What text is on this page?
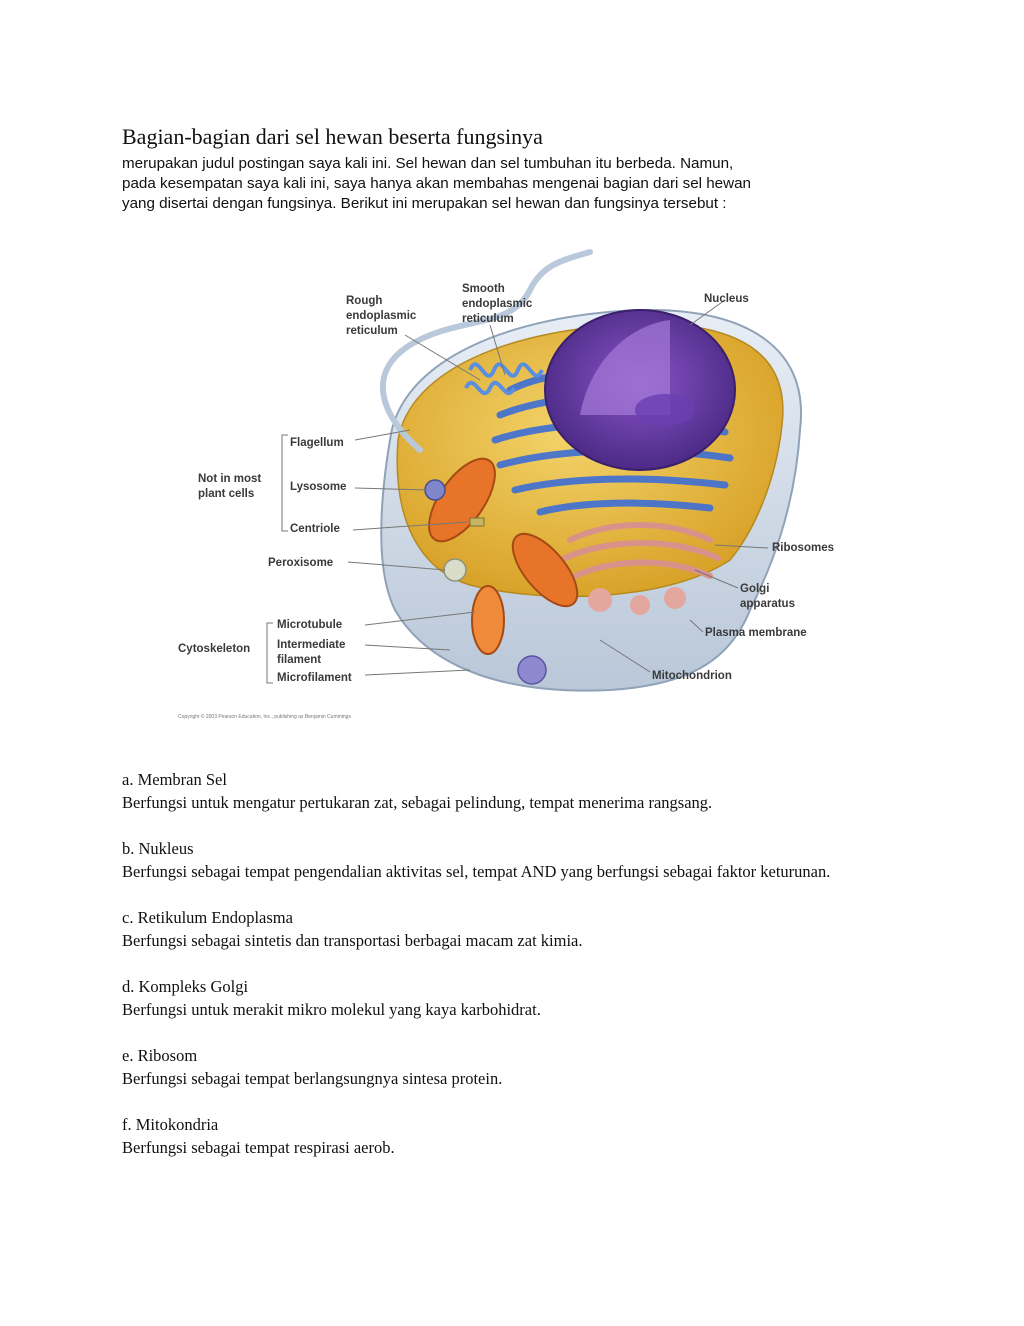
Bagian-bagian dari sel hewan beserta fungsinya
merupakan judul postingan saya kali ini. Sel hewan dan sel tumbuhan itu berbeda. Namun,
pada kesempatan saya kali ini, saya hanya akan membahas mengenai bagian dari sel hewan
yang disertai dengan fungsinya. Berikut ini merupakan sel hewan dan fungsinya tersebut :
Rough
endoplasmic
reticulum
Smooth
endoplasmic
reticulum
Nucleus
Not in most
plant cells
Flagellum
Lysosome
Centriole
Peroxisome
Ribosomes
Golgi
apparatus
Plasma membrane
Mitochondrion
Cytoskeleton
Microtubule
Intermediate
filament
Microfilament
Copyright © 2003 Pearson Education, Inc., publishing as Benjamin Cummings
a. Membran Sel
Berfungsi untuk mengatur pertukaran zat, sebagai pelindung, tempat menerima rangsang.
b. Nukleus
Berfungsi sebagai tempat pengendalian aktivitas sel, tempat AND yang berfungsi sebagai faktor keturunan.
c. Retikulum Endoplasma
Berfungsi sebagai sintetis dan transportasi berbagai macam zat kimia.
d. Kompleks Golgi
Berfungsi untuk merakit mikro molekul yang kaya karbohidrat.
e. Ribosom
Berfungsi sebagai tempat berlangsungnya sintesa protein.
f. Mitokondria
Berfungsi sebagai tempat respirasi aerob.
